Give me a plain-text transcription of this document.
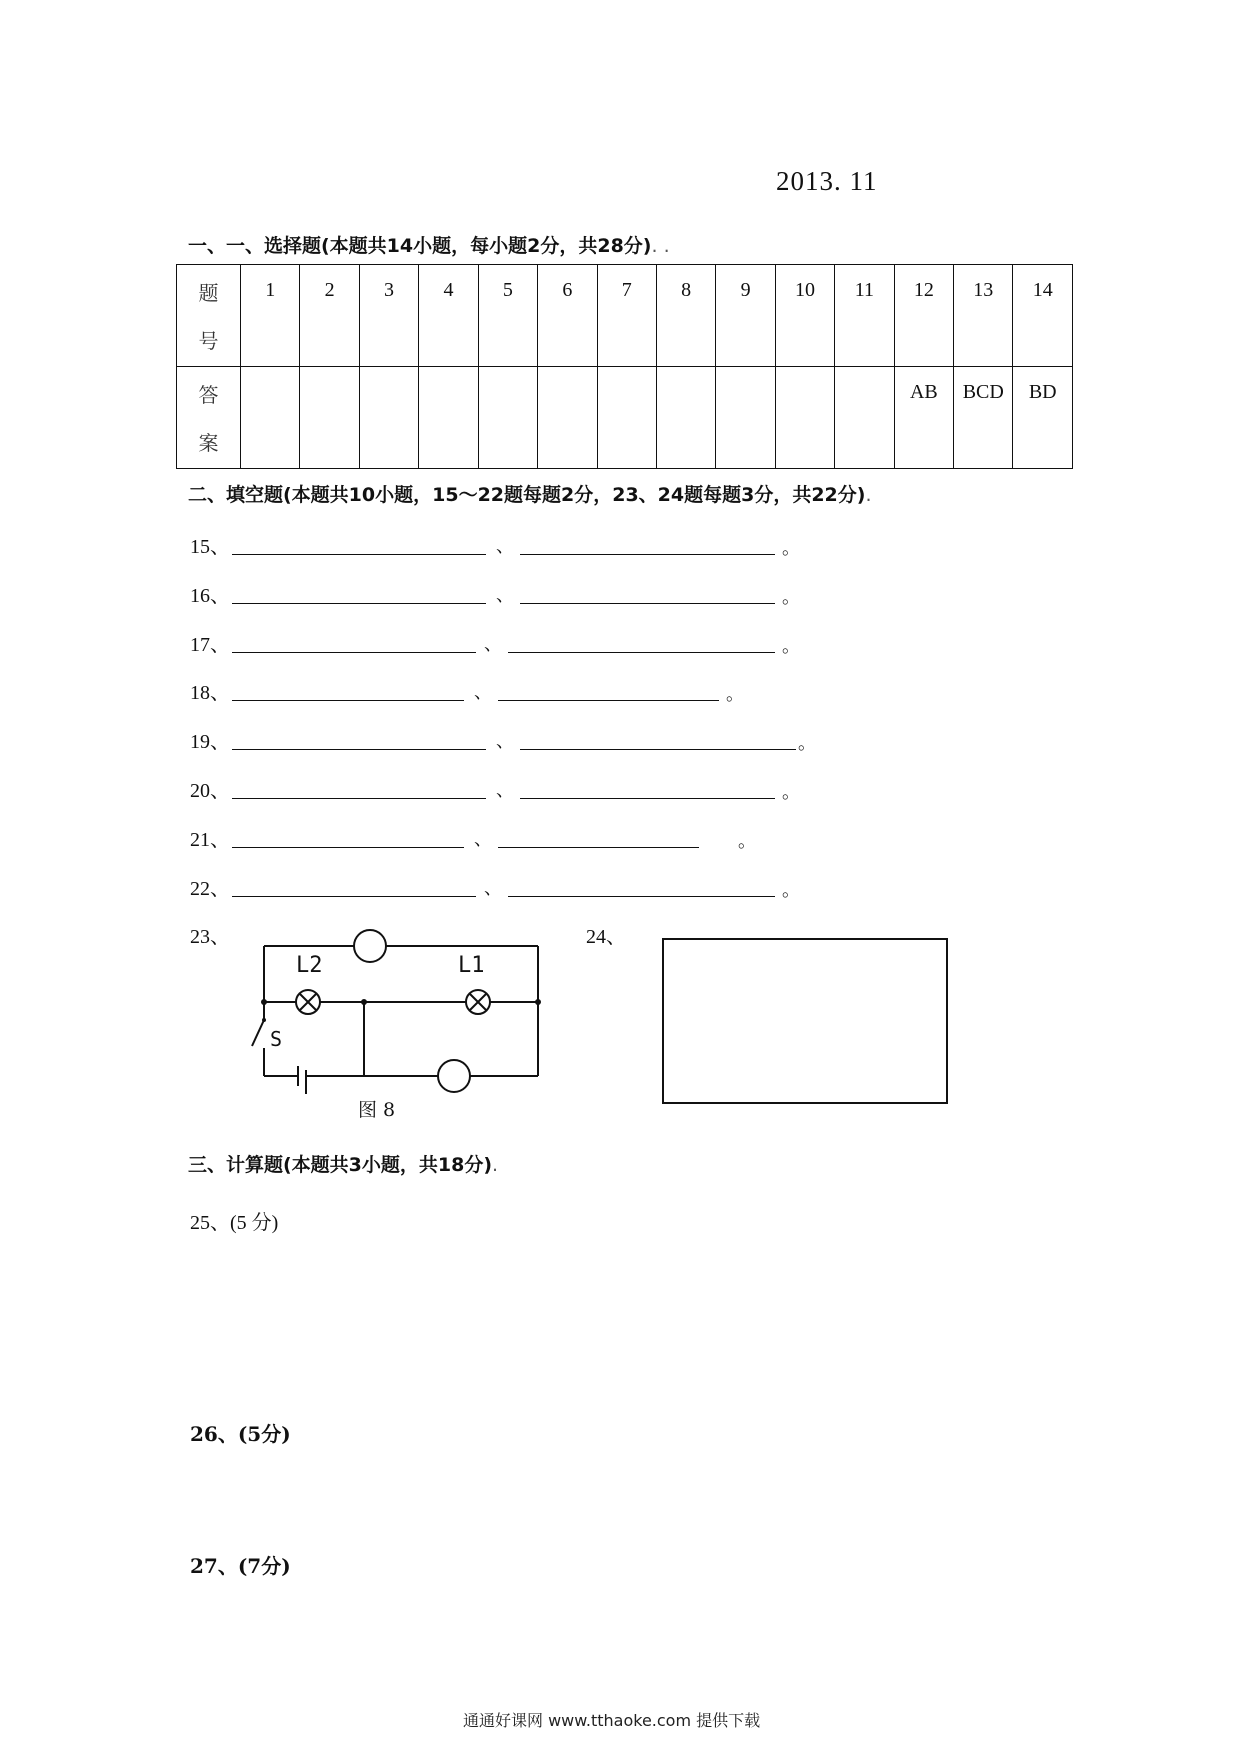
2013. 11
一、一、选择题(本题共14小题，每小题2分，共28分). .
题号	1	2	3	4	5	6	7	8	9	10	11	12	13	14
答案												AB	BCD	BD
二、填空题(本题共10小题，15～22题每题2分，23、24题每题3分，共22分).
15、	、	。
16、	、	。
17、	、	。
18、	、	。
19、	、	。
20、	、	。
21、	、	。
22、	、	。
23、
L2	L1
S
图 8
24、
三、计算题(本题共3小题，共18分).
25、(5 分)
26、(5分)
27、(7分)
通通好课网 www.tthaoke.com 提供下载
